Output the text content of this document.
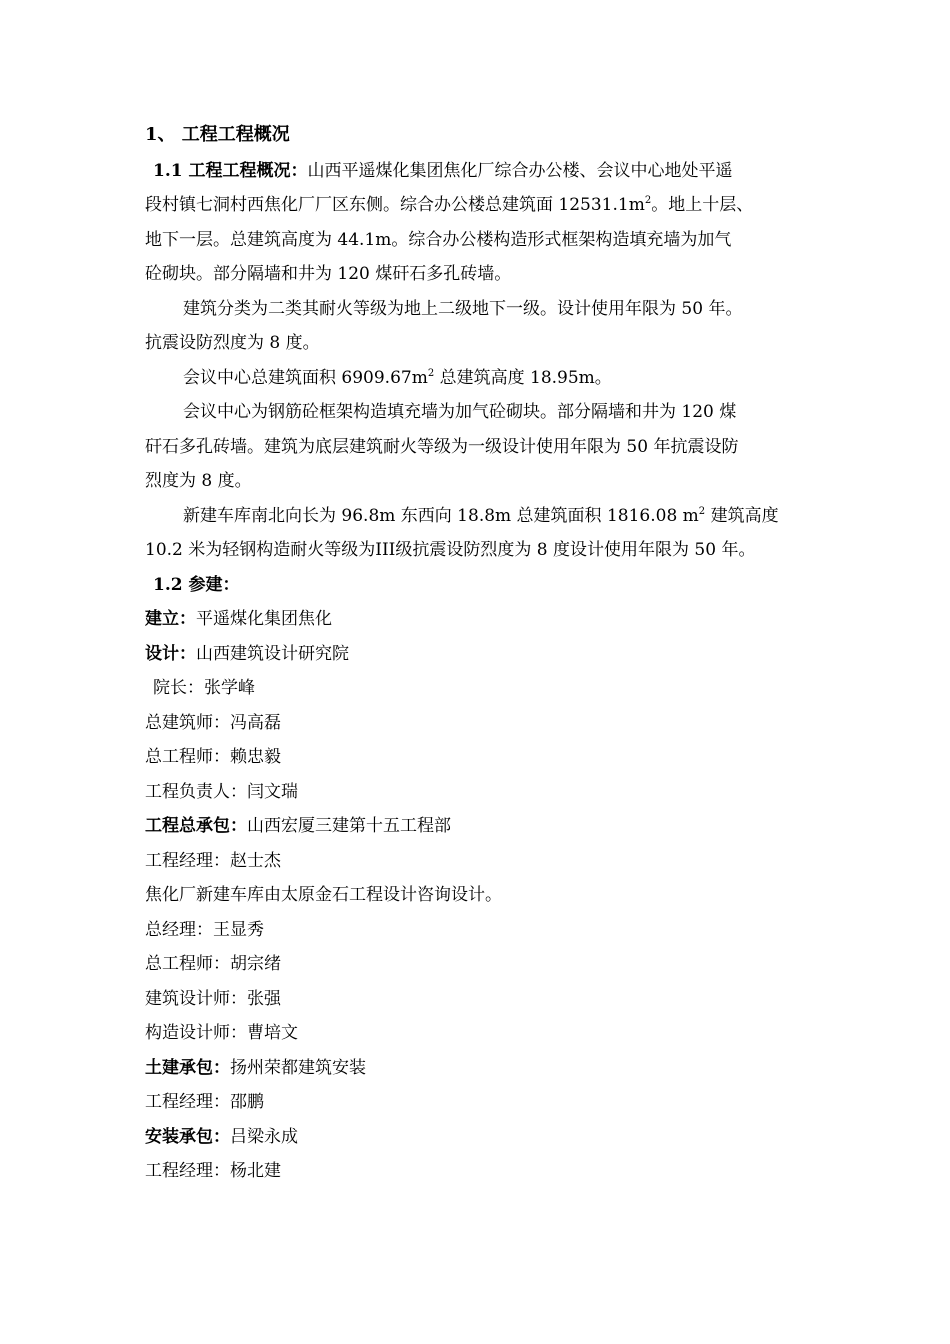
1、 工程工程概况

1.1 工程工程概况：山西平遥煤化集团焦化厂综合办公楼、会议中心地处平遥

段村镇七洞村西焦化厂厂区东侧。综合办公楼总建筑面 $12531.1m^2$。地上十层、

地下一层。总建筑高度为 44.1m。综合办公楼构造形式框架构造填充墙为加气

砼砌块。部分隔墙和井为 120 煤矸石多孔砖墙。

建筑分类为二类其耐火等级为地上二级地下一级。设计使用年限为 50 年。

抗震设防烈度为 8 度。

会议中心总建筑面积 $6909.67m^2$ 总建筑高度 18.95m。

会议中心为钢筋砼框架构造填充墙为加气砼砌块。部分隔墙和井为 120 煤

矸石多孔砖墙。建筑为底层建筑耐火等级为一级设计使用年限为 50 年抗震设防

烈度为 8 度。

新建车库南北向长为 96.8m 东西向 18.8m 总建筑面积 1816.08 $m^2$ 建筑高度

10.2 米为轻钢构造耐火等级为III级抗震设防烈度为 8 度设计使用年限为 50 年。

1.2 参建：

建立：平遥煤化集团焦化

设计：山西建筑设计研究院

院长：张学峰

总建筑师：冯高磊

总工程师：赖忠毅

工程负责人：闫文瑞

工程总承包：山西宏厦三建第十五工程部

工程经理：赵士杰

焦化厂新建车库由太原金石工程设计咨询设计。

总经理：王显秀

总工程师：胡宗绪

建筑设计师：张强

构造设计师：曹培文

土建承包：扬州荣都建筑安装

工程经理：邵鹏

安装承包：吕梁永成

工程经理：杨北建
